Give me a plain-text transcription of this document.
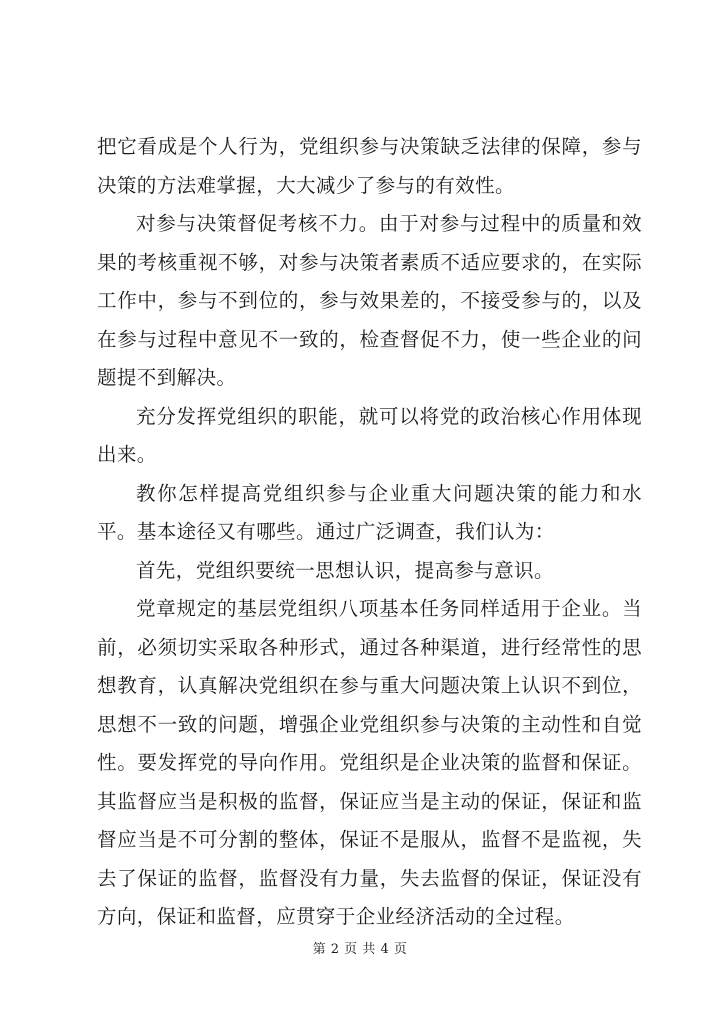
把它看成是个人行为，党组织参与决策缺乏法律的保障，参与决策的方法难掌握，大大减少了参与的有效性。

对参与决策督促考核不力。由于对参与过程中的质量和效果的考核重视不够，对参与决策者素质不适应要求的，在实际工作中，参与不到位的，参与效果差的，不接受参与的，以及在参与过程中意见不一致的，检查督促不力，使一些企业的问题提不到解决。

充分发挥党组织的职能，就可以将党的政治核心作用体现出来。

教你怎样提高党组织参与企业重大问题决策的能力和水平。基本途径又有哪些。通过广泛调查，我们认为：

首先，党组织要统一思想认识，提高参与意识。

党章规定的基层党组织八项基本任务同样适用于企业。当前，必须切实采取各种形式，通过各种渠道，进行经常性的思想教育，认真解决党组织在参与重大问题决策上认识不到位，思想不一致的问题，增强企业党组织参与决策的主动性和自觉性。要发挥党的导向作用。党组织是企业决策的监督和保证。其监督应当是积极的监督，保证应当是主动的保证，保证和监督应当是不可分割的整体，保证不是服从，监督不是监视，失去了保证的监督，监督没有力量，失去监督的保证，保证没有方向，保证和监督，应贯穿于企业经济活动的全过程。

第 2 页 共 4 页
